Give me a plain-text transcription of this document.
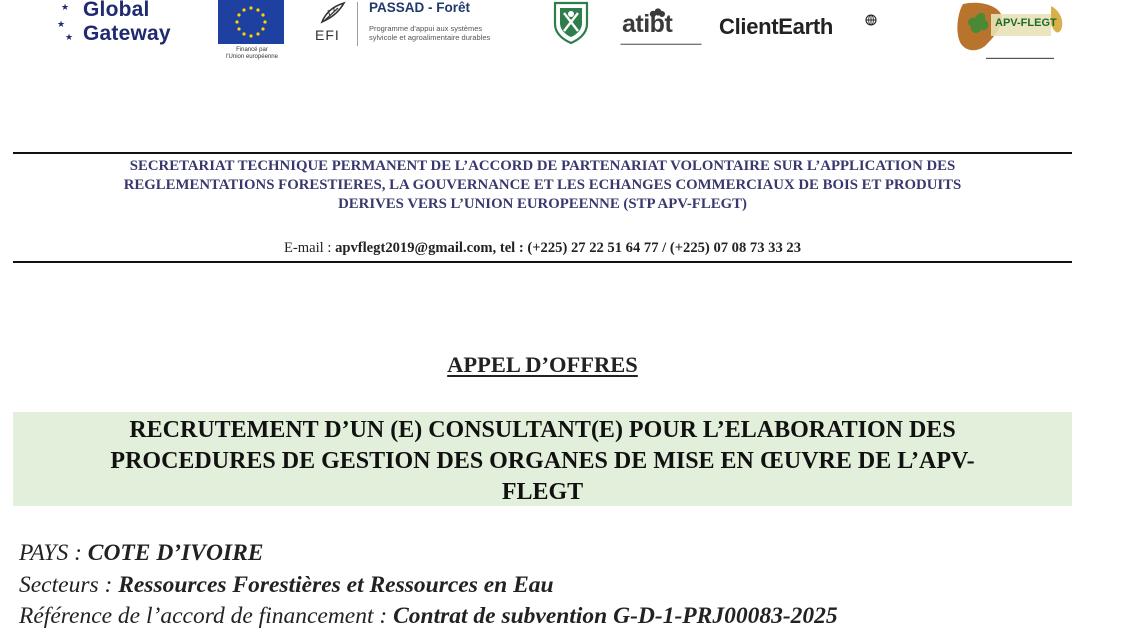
★
★
★
Global
Gateway
Financé par
l'Union européenne
EFI
PASSAD - Forêt
Programme d'appui aux systèmes
sylvicole et agroalimentaire durables	atibt
▬▬▬▬▬▬▬▬▬▬▬▬▬▬▬▬▬▬
ClientEarth	APV-FLEGT
▬▬▬▬▬▬▬▬▬▬▬▬▬▬▬▬▬
SECRETARIAT TECHNIQUE PERMANENT DE L’ACCORD DE PARTENARIAT VOLONTAIRE SUR L’APPLICATION DES
REGLEMENTATIONS FORESTIERES, LA GOUVERNANCE ET LES ECHANGES COMMERCIAUX DE BOIS ET PRODUITS
DERIVES VERS L’UNION EUROPEENNE (STP APV-FLEGT)
E-mail : apvflegt2019@gmail.com, tel : (+225) 27 22 51 64 77 / (+225) 07 08 73 33 23
APPEL D’OFFRES
RECRUTEMENT D’UN (E) CONSULTANT(E) POUR L’ELABORATION DES
PROCEDURES DE GESTION DES ORGANES DE MISE EN ŒUVRE DE L’APV-
FLEGT
PAYS : COTE D’IVOIRE
Secteurs : Ressources Forestières et Ressources en Eau
Référence de l’accord de financement : Contrat de subvention G-D-1-PRJ00083-2025
